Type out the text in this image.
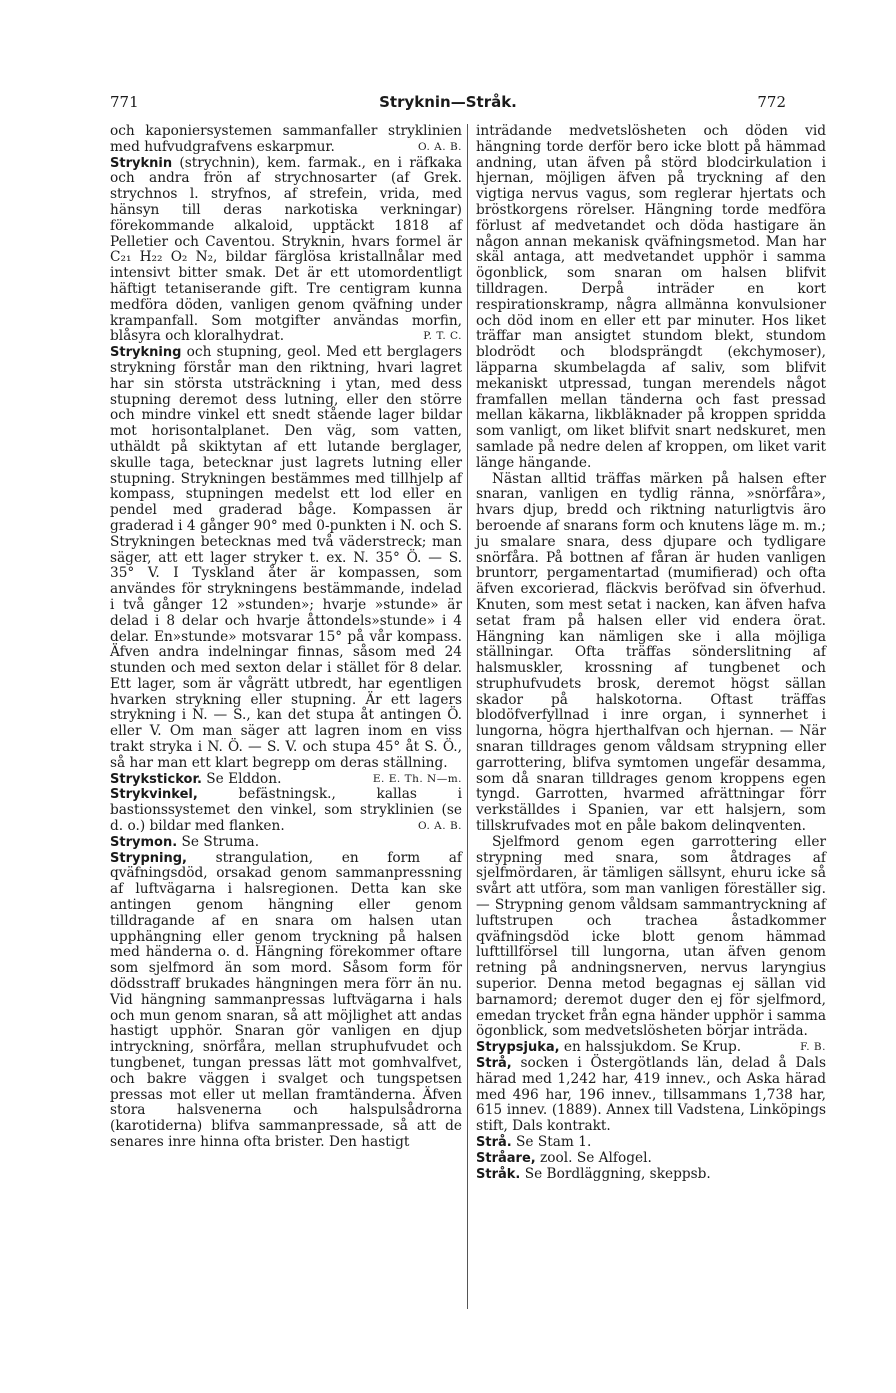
771	Stryknin—Stråk.	772

och kaponiersystemen sammanfaller stryklinien med hufvudgrafvens eskarpmur.	O. A. B.

Stryknin (strychnin), kem. farmak., en i räfkaka och andra frön af strychnosarter (af Grek. strychnos l. stryfnos, af strefein, vrida, med hänsyn till deras narkotiska verkningar) förekommande alkaloid, upptäckt 1818 af Pelletier och Caventou. Stryknin, hvars formel är C₂₁ H₂₂ O₂ N₂, bildar färglösa kristallnålar med intensivt bitter smak. Det är ett utomordentligt häftigt tetaniserande gift. Tre centigram kunna medföra döden, vanligen genom qväfning under krampanfall. Som motgifter användas morfin, blåsyra och kloralhydrat.	P. T. C.

Strykning och stupning, geol. Med ett berglagers strykning förstår man den riktning, hvari lagret har sin största utsträckning i ytan, med dess stupning deremot dess lutning, eller den större och mindre vinkel ett snedt stående lager bildar mot horisontalplanet. Den väg, som vatten, uthäldt på skiktytan af ett lutande berglager, skulle taga, betecknar just lagrets lutning eller stupning. Strykningen bestämmes med tillhjelp af kompass, stupningen medelst ett lod eller en pendel med graderad båge. Kompassen är graderad i 4 gånger 90° med 0-punkten i N. och S. Strykningen betecknas med två väderstreck; man säger, att ett lager stryker t. ex. N. 35° Ö. — S. 35° V. I Tyskland åter är kompassen, som användes för strykningens bestämmande, indelad i två gånger 12 »stunden»; hvarje »stunde» är delad i 8 delar och hvarje åttondels»stunde» i 4 delar. En»stunde» motsvarar 15° på vår kompass. Äfven andra indelningar finnas, såsom med 24 stunden och med sexton delar i stället för 8 delar. Ett lager, som är vågrätt utbredt, har egentligen hvarken strykning eller stupning. Är ett lagers strykning i N. — S., kan det stupa åt antingen Ö. eller V. Om man säger att lagren inom en viss trakt stryka i N. Ö. — S. V. och stupa 45° åt S. Ö., så har man ett klart begrepp om deras ställning.
E. E. Th. N—m.

Strykstickor. Se Elddon.

Strykvinkel, befästningsk., kallas i bastionssystemet den vinkel, som stryklinien (se d. o.) bildar med flanken.	O. A. B.

Strymon. Se Struma.

Strypning, strangulation, en form af qväfningsdöd, orsakad genom sammanpressning af luftvägarna i halsregionen. Detta kan ske antingen genom hängning eller genom tilldragande af en snara om halsen utan upphängning eller genom tryckning på halsen med händerna o. d. Hängning förekommer oftare som sjelfmord än som mord. Såsom form för dödsstraff brukades hängningen mera förr än nu. Vid hängning sammanpressas luftvägarna i hals och mun genom snaran, så att möjlighet att andas hastigt upphör. Snaran gör vanligen en djup intryckning, snörfåra, mellan struphufvudet och tungbenet, tungan pressas lätt mot gomhvalfvet, och bakre väggen i svalget och tungspetsen pressas mot eller ut mellan framtänderna. Äfven stora halsvenerna och halspulsådrorna (karotiderna) blifva sammanpressade, så att de senares inre hinna ofta brister. Den hastigt

inträdande medvetslösheten och döden vid hängning torde derför bero icke blott på hämmad andning, utan äfven på störd blodcirkulation i hjernan, möjligen äfven på tryckning af den vigtiga nervus vagus, som reglerar hjertats och bröstkorgens rörelser. Hängning torde medföra förlust af medvetandet och döda hastigare än någon annan mekanisk qväfningsmetod. Man har skäl antaga, att medvetandet upphör i samma ögonblick, som snaran om halsen blifvit tilldragen. Derpå inträder en kort respirationskramp, några allmänna konvulsioner och död inom en eller ett par minuter. Hos liket träffar man ansigtet stundom blekt, stundom blodrödt och blodsprängdt (ekchymoser), läpparna skumbelagda af saliv, som blifvit mekaniskt utpressad, tungan merendels något framfallen mellan tänderna och fast pressad mellan käkarna, likbläknader på kroppen spridda som vanligt, om liket blifvit snart nedskuret, men samlade på nedre delen af kroppen, om liket varit länge hängande.

Nästan alltid träffas märken på halsen efter snaran, vanligen en tydlig ränna, »snörfåra», hvars djup, bredd och riktning naturligtvis äro beroende af snarans form och knutens läge m. m.; ju smalare snara, dess djupare och tydligare snörfåra. På bottnen af fåran är huden vanligen bruntorr, pergamentartad (mumifierad) och ofta äfven excorierad, fläckvis beröfvad sin öfverhud. Knuten, som mest setat i nacken, kan äfven hafva setat fram på halsen eller vid endera örat. Hängning kan nämligen ske i alla möjliga ställningar. Ofta träffas sönderslitning af halsmuskler, krossning af tungbenet och struphufvudets brosk, deremot högst sällan skador på halskotorna. Oftast träffas blodöfverfyllnad i inre organ, i synnerhet i lungorna, högra hjerthalfvan och hjernan. — När snaran tilldrages genom våldsam strypning eller garrottering, blifva symtomen ungefär desamma, som då snaran tilldrages genom kroppens egen tyngd. Garrotten, hvarmed afrättningar förr verkställdes i Spanien, var ett halsjern, som tillskrufvades mot en påle bakom delinqventen.

Sjelfmord genom egen garrottering eller strypning med snara, som åtdrages af sjelfmördaren, är tämligen sällsynt, ehuru icke så svårt att utföra, som man vanligen föreställer sig. — Strypning genom våldsam sammantryckning af luftstrupen och trachea åstadkommer qväfningsdöd icke blott genom hämmad lufttillförsel till lungorna, utan äfven genom retning på andningsnerven, nervus laryngius superior. Denna metod begagnas ej sällan vid barnamord; deremot duger den ej för sjelfmord, emedan trycket från egna händer upphör i samma ögonblick, som medvetslösheten börjar inträda.
F. B.

Strypsjuka, en halssjukdom. Se Krup.

Strå, socken i Östergötlands län, delad å Dals härad med 1,242 har, 419 innev., och Aska härad med 496 har, 196 innev., tillsammans 1,738 har, 615 innev. (1889). Annex till Vadstena, Linköpings stift, Dals kontrakt.

Strå. Se Stam 1.

Stråare, zool. Se Alfogel.

Stråk. Se Bordläggning, skeppsb.
